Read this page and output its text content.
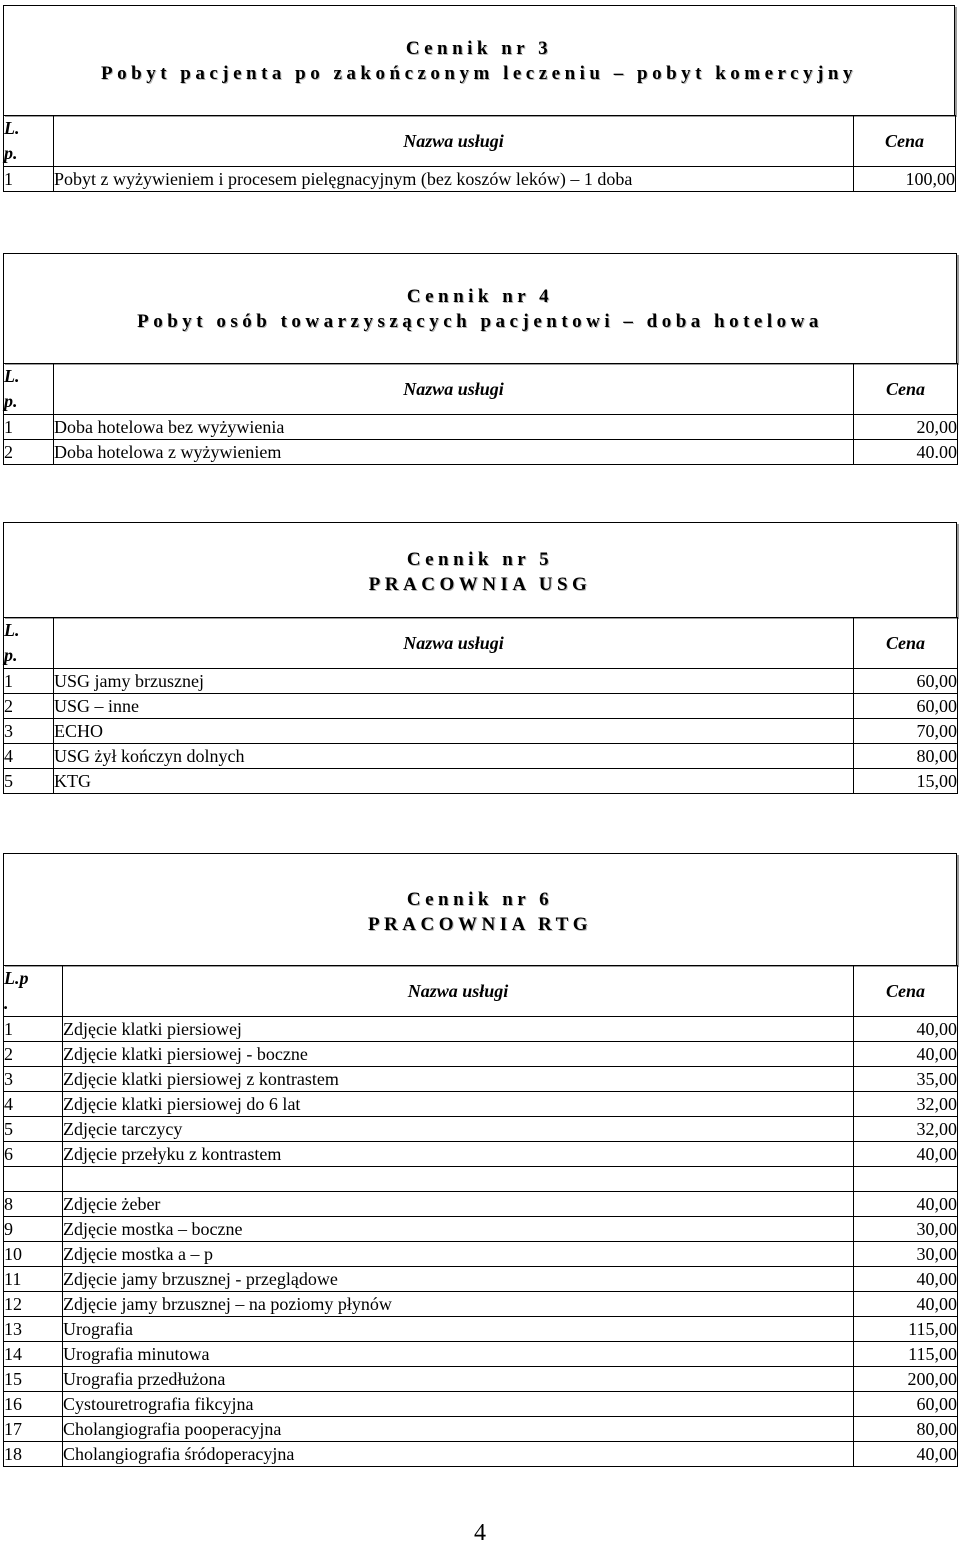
Cennik nr 3
Pobyt pacjenta po zakończonym leczeniu – pobyt komercyjny
L.
p.	Nazwa usługi	Cena
1	Pobyt z wyżywieniem i procesem pielęgnacyjnym (bez koszów leków) – 1 doba	100,00
Cennik nr 4
Pobyt osób towarzyszących pacjentowi – doba hotelowa
L.
p.	Nazwa usługi	Cena
1	Doba hotelowa bez wyżywienia	20,00
2	Doba hotelowa z wyżywieniem	40.00
Cennik nr 5
PRACOWNIA USG
L.
p.	Nazwa usługi	Cena
1	USG jamy brzusznej	60,00
2	USG – inne	60,00
3	ECHO	70,00
4	USG żył kończyn dolnych	80,00
5	KTG	15,00
Cennik nr 6
PRACOWNIA RTG
L.p
.	Nazwa usługi	Cena
1	Zdjęcie klatki piersiowej	40,00
2	Zdjęcie klatki piersiowej - boczne	40,00
3	Zdjęcie klatki piersiowej z kontrastem	35,00
4	Zdjęcie klatki piersiowej do 6 lat	32,00
5	Zdjęcie tarczycy	32,00
6	Zdjęcie przełyku z kontrastem	40,00

8	Zdjęcie żeber	40,00
9	Zdjęcie mostka – boczne	30,00
10	Zdjęcie mostka a – p	30,00
11	Zdjęcie jamy brzusznej - przeglądowe	40,00
12	Zdjęcie jamy brzusznej – na poziomy płynów	40,00
13	Urografia	115,00
14	Urografia minutowa	115,00
15	Urografia przedłużona	200,00
16	Cystouretrografia fikcyjna	60,00
17	Cholangiografia pooperacyjna	80,00
18	Cholangiografia śródoperacyjna	40,00
4
